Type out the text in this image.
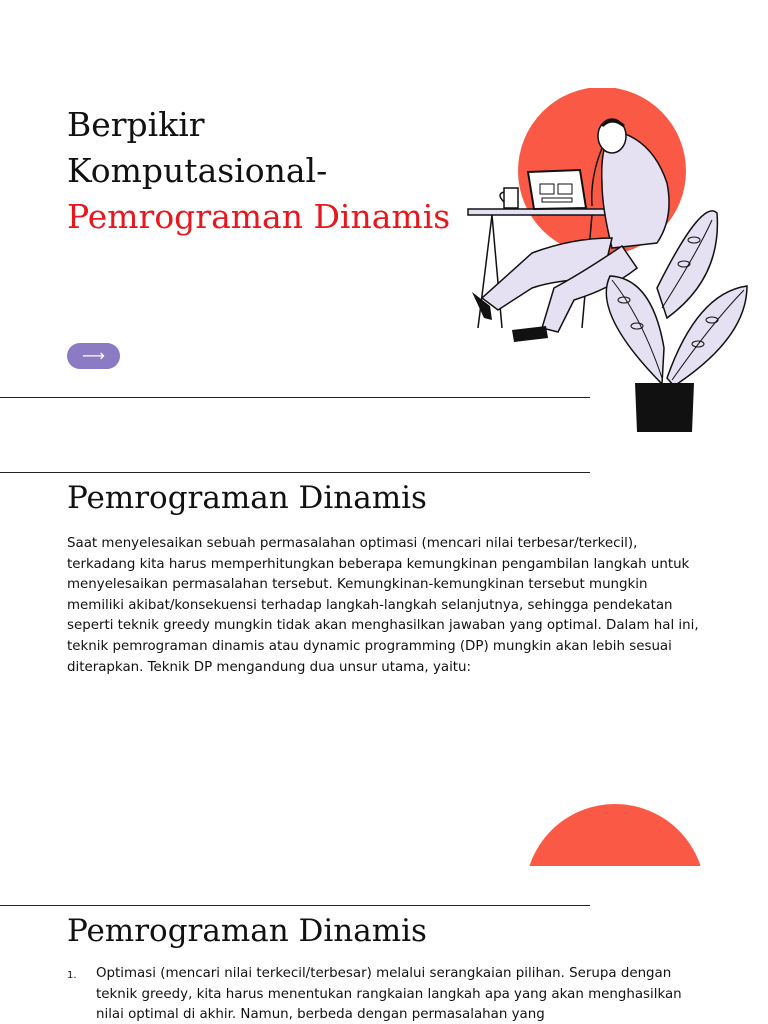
Berpikir Komputasional-Pemrograman Dinamis
⟶
Pemrograman Dinamis
Saat menyelesaikan sebuah permasalahan optimasi (mencari nilai terbesar/terkecil), terkadang kita harus memperhitungkan beberapa kemungkinan pengambilan langkah untuk menyelesaikan permasalahan tersebut. Kemungkinan-kemungkinan tersebut mungkin memiliki akibat/konsekuensi terhadap langkah-langkah selanjutnya, sehingga pendekatan seperti teknik greedy mungkin tidak akan menghasilkan jawaban yang optimal. Dalam hal ini, teknik pemrograman dinamis atau dynamic programming (DP) mungkin akan lebih sesuai diterapkan. Teknik DP mengandung dua unsur utama, yaitu:
Pemrograman Dinamis
1.	Optimasi (mencari nilai terkecil/terbesar) melalui serangkaian pilihan. Serupa dengan teknik greedy, kita harus menentukan rangkaian langkah apa yang akan menghasilkan nilai optimal di akhir. Namun, berbeda dengan permasalahan yang
